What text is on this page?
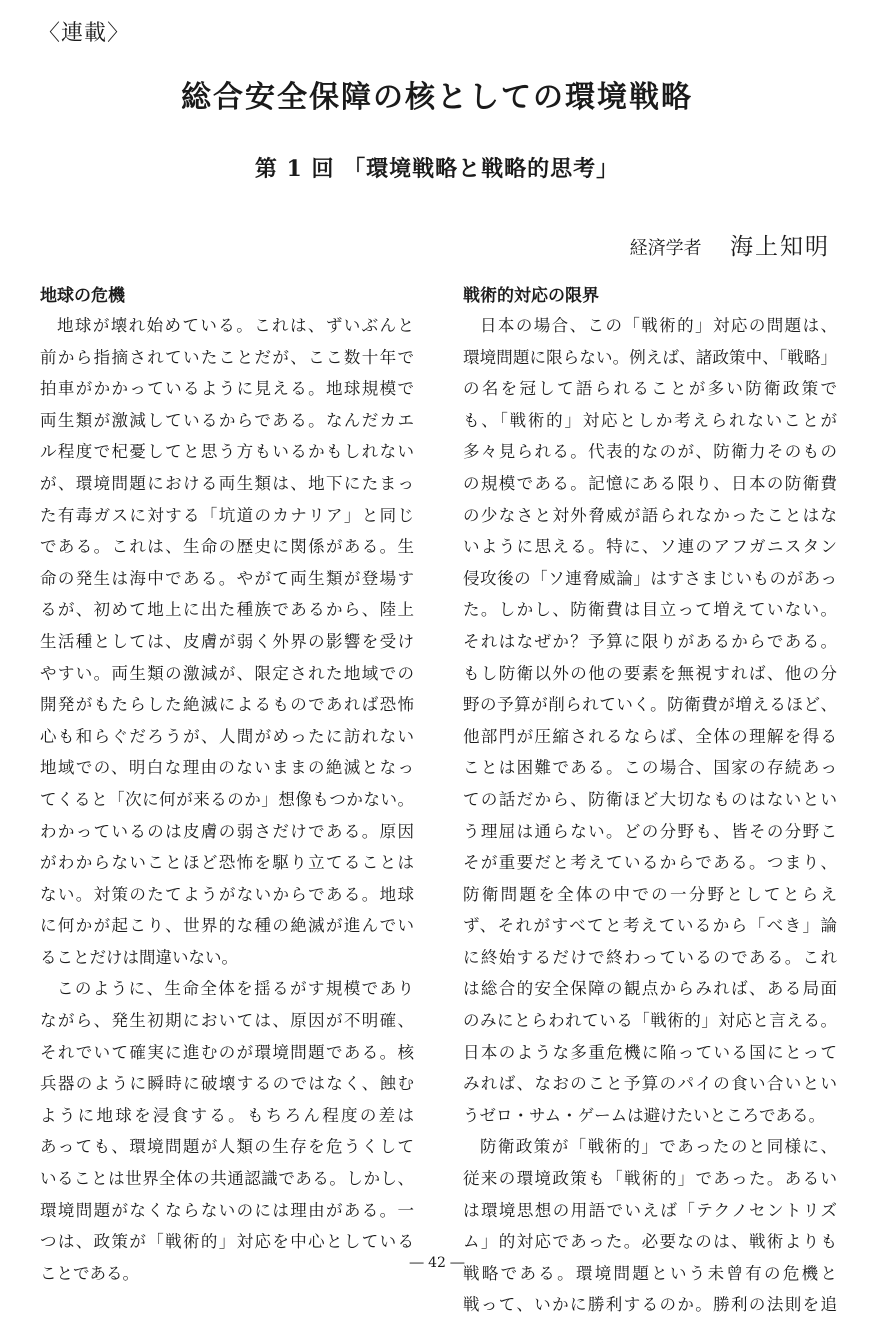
〈連載〉
総合安全保障の核としての環境戦略
第 1 回 「環境戦略と戦略的思考」
経済学者 海上知明
地球の危機
地球が壊れ始めている。これは、ずいぶんと
前から指摘されていたことだが、ここ数十年で
拍車がかかっているように見える。地球規模で
両生類が激減しているからである。なんだカエ
ル程度で杞憂してと思う方もいるかもしれない
が、環境問題における両生類は、地下にたまっ
た有毒ガスに対する「坑道のカナリア」と同じ
である。これは、生命の歴史に関係がある。生
命の発生は海中である。やがて両生類が登場す
るが、初めて地上に出た種族であるから、陸上
生活種としては、皮膚が弱く外界の影響を受け
やすい。両生類の激減が、限定された地域での
開発がもたらした絶滅によるものであれば恐怖
心も和らぐだろうが、人間がめったに訪れない
地域での、明白な理由のないままの絶滅となっ
てくると「次に何が来るのか」想像もつかない。
わかっているのは皮膚の弱さだけである。原因
がわからないことほど恐怖を駆り立てることは
ない。対策のたてようがないからである。地球
に何かが起こり、世界的な種の絶滅が進んでい
ることだけは間違いない。
このように、生命全体を揺るがす規模であり
ながら、発生初期においては、原因が不明確、
それでいて確実に進むのが環境問題である。核
兵器のように瞬時に破壊するのではなく、蝕む
ように地球を浸食する。もちろん程度の差は
あっても、環境問題が人類の生存を危うくして
いることは世界全体の共通認識である。しかし、
環境問題がなくならないのには理由がある。一
つは、政策が「戦術的」対応を中心としている
ことである。
戦術的対応の限界
日本の場合、この「戦術的」対応の問題は、
環境問題に限らない。例えば、諸政策中、「戦略」
の名を冠して語られることが多い防衛政策で
も、「戦術的」対応としか考えられないことが
多々見られる。代表的なのが、防衛力そのもの
の規模である。記憶にある限り、日本の防衛費
の少なさと対外脅威が語られなかったことはな
いように思える。特に、ソ連のアフガニスタン
侵攻後の「ソ連脅威論」はすさまじいものがあっ
た。しかし、防衛費は目立って増えていない。
それはなぜか？予算に限りがあるからである。
もし防衛以外の他の要素を無視すれば、他の分
野の予算が削られていく。防衛費が増えるほど、
他部門が圧縮されるならば、全体の理解を得る
ことは困難である。この場合、国家の存続あっ
ての話だから、防衛ほど大切なものはないとい
う理屈は通らない。どの分野も、皆その分野こ
そが重要だと考えているからである。つまり、
防衛問題を全体の中での一分野としてとらえ
ず、それがすべてと考えているから「べき」論
に終始するだけで終わっているのである。これ
は総合的安全保障の観点からみれば、ある局面
のみにとらわれている「戦術的」対応と言える。
日本のような多重危機に陥っている国にとって
みれば、なおのこと予算のパイの食い合いとい
うゼロ・サム・ゲームは避けたいところである。
防衛政策が「戦術的」であったのと同様に、
従来の環境政策も「戦術的」であった。あるい
は環境思想の用語でいえば「テクノセントリズ
ム」的対応であった。必要なのは、戦術よりも
戦略である。環境問題という未曾有の危機と
戦って、いかに勝利するのか。勝利の法則を追
― 42 ―
